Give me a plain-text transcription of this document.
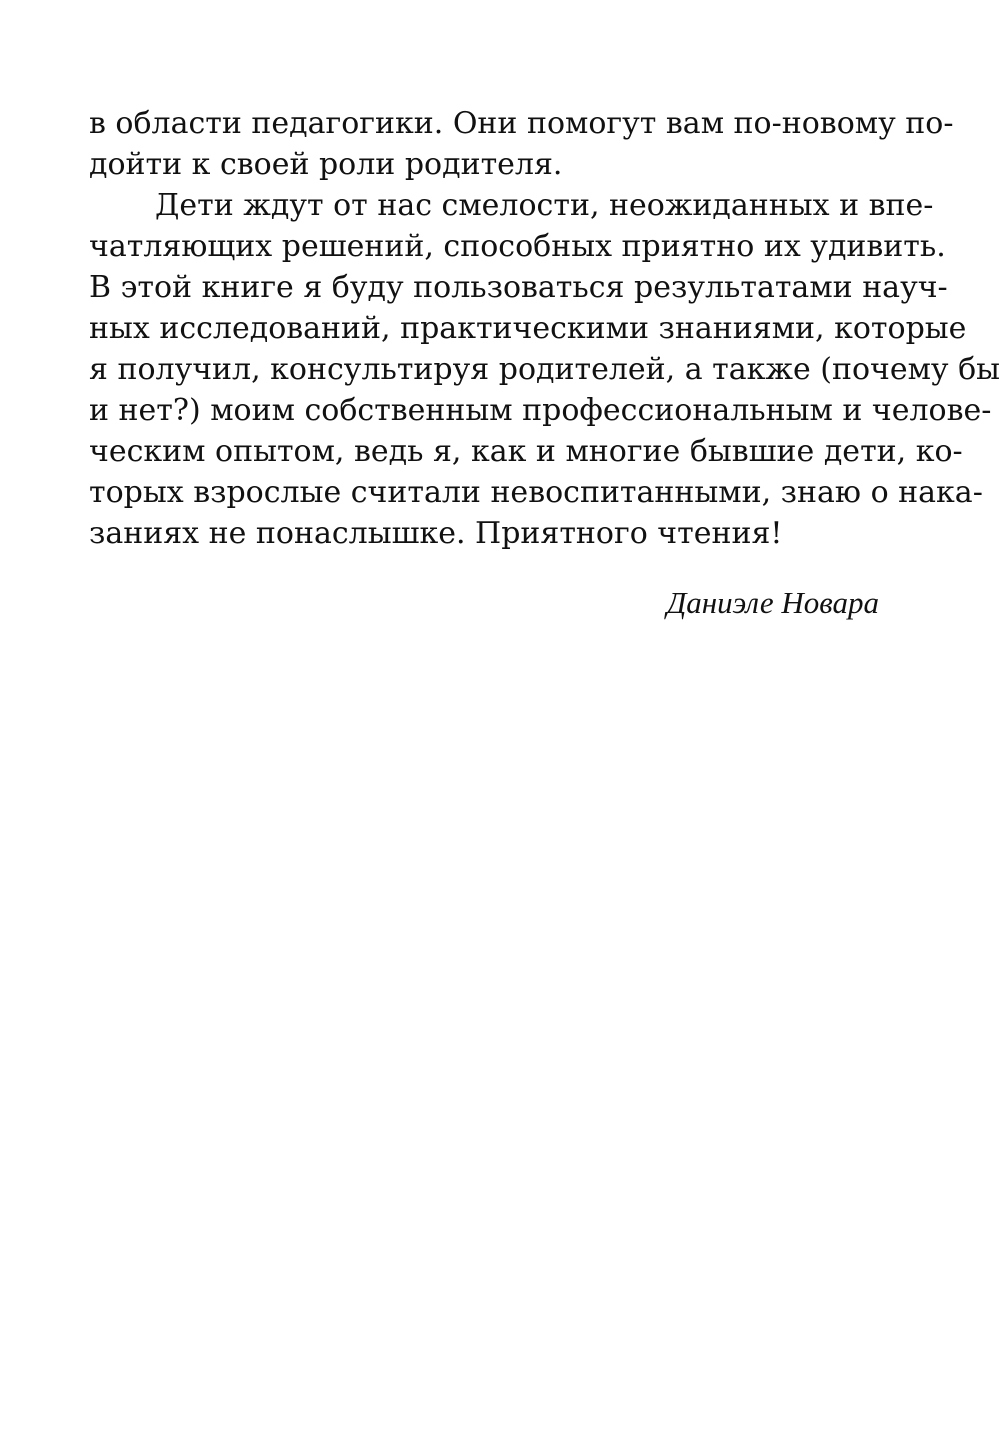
в области педагогики. Они помогут вам по-новому по-
дойти к своей роли родителя.
Дети ждут от нас смелости, неожиданных и впе-
чатляющих решений, способных приятно их удивить.
В этой книге я буду пользоваться результатами науч-
ных исследований, практическими знаниями, которые
я получил, консультируя родителей, а также (почему бы
и нет?) моим собственным профессиональным и челове-
ческим опытом, ведь я, как и многие бывшие дети, ко-
торых взрослые считали невоспитанными, знаю о нака-
заниях не понаслышке. Приятного чтения!
Даниэле Новара
